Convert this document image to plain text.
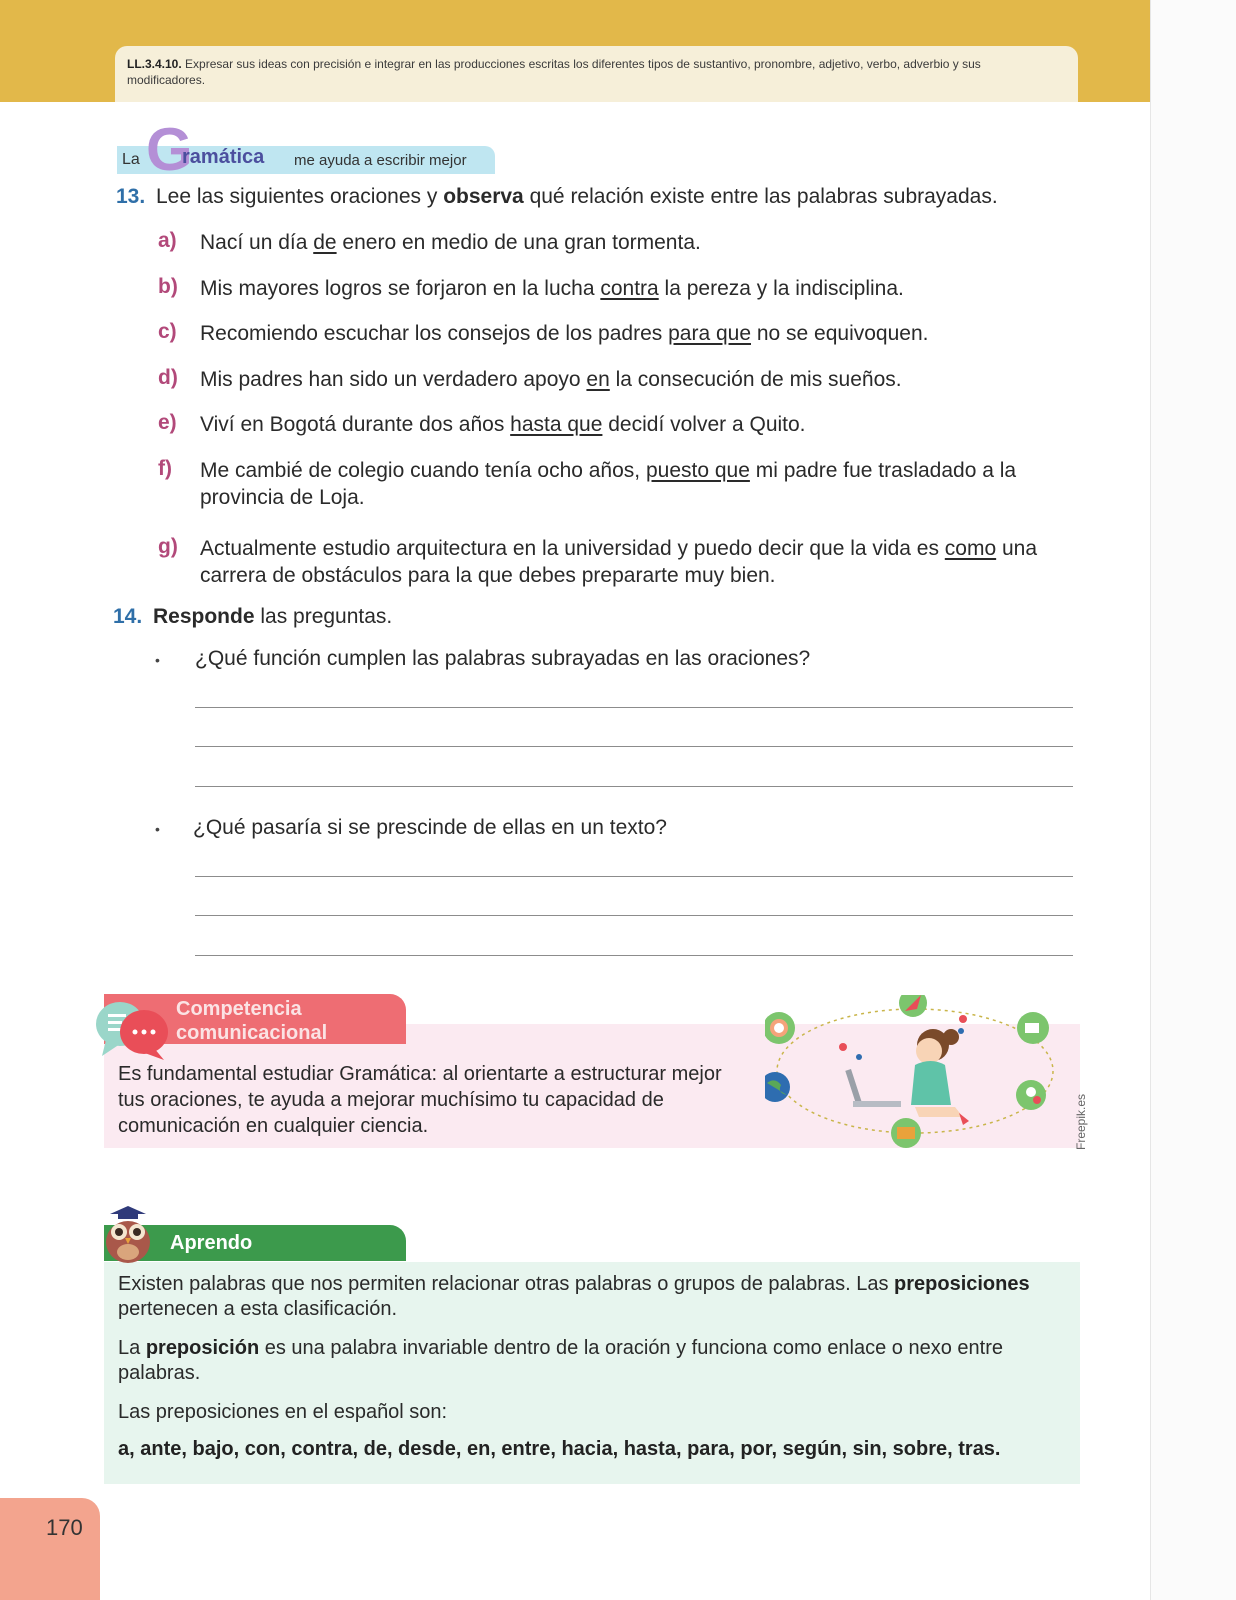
LL.3.4.10. Expresar sus ideas con precisión e integrar en las producciones escritas los diferentes tipos de sustantivo, pronombre, adjetivo, verbo, adverbio y sus
modificadores.
La G
ramática me ayuda a escribir mejor
13. Lee las siguientes oraciones y observa qué relación existe entre las palabras subrayadas.
a) Nací un día de enero en medio de una gran tormenta.
b) Mis mayores logros se forjaron en la lucha contra la pereza y la indisciplina.
c) Recomiendo escuchar los consejos de los padres para que no se equivoquen.
d) Mis padres han sido un verdadero apoyo en la consecución de mis sueños.
e) Viví en Bogotá durante dos años hasta que decidí volver a Quito.
f) Me cambié de colegio cuando tenía ocho años, puesto que mi padre fue trasladado a la provincia de Loja.
g) Actualmente estudio arquitectura en la universidad y puedo decir que la vida es como una carrera de obstáculos para la que debes prepararte muy bien.
14. Responde las preguntas.
• ¿Qué función cumplen las palabras subrayadas en las oraciones?
• ¿Qué pasaría si se prescinde de ellas en un texto?
Competencia
comunicacional
Es fundamental estudiar Gramática: al orientarte a estructurar mejor tus oraciones, te ayuda a mejorar muchísimo tu capacidad de comunicación en cualquier ciencia.	Freepik.es
Aprendo
Existen palabras que nos permiten relacionar otras palabras o grupos de palabras. Las preposiciones pertenecen a esta clasificación.
La preposición es una palabra invariable dentro de la oración y funciona como enlace o nexo entre palabras.
Las preposiciones en el español son:
a, ante, bajo, con, contra, de, desde, en, entre, hacia, hasta, para, por, según, sin, sobre, tras.
170
